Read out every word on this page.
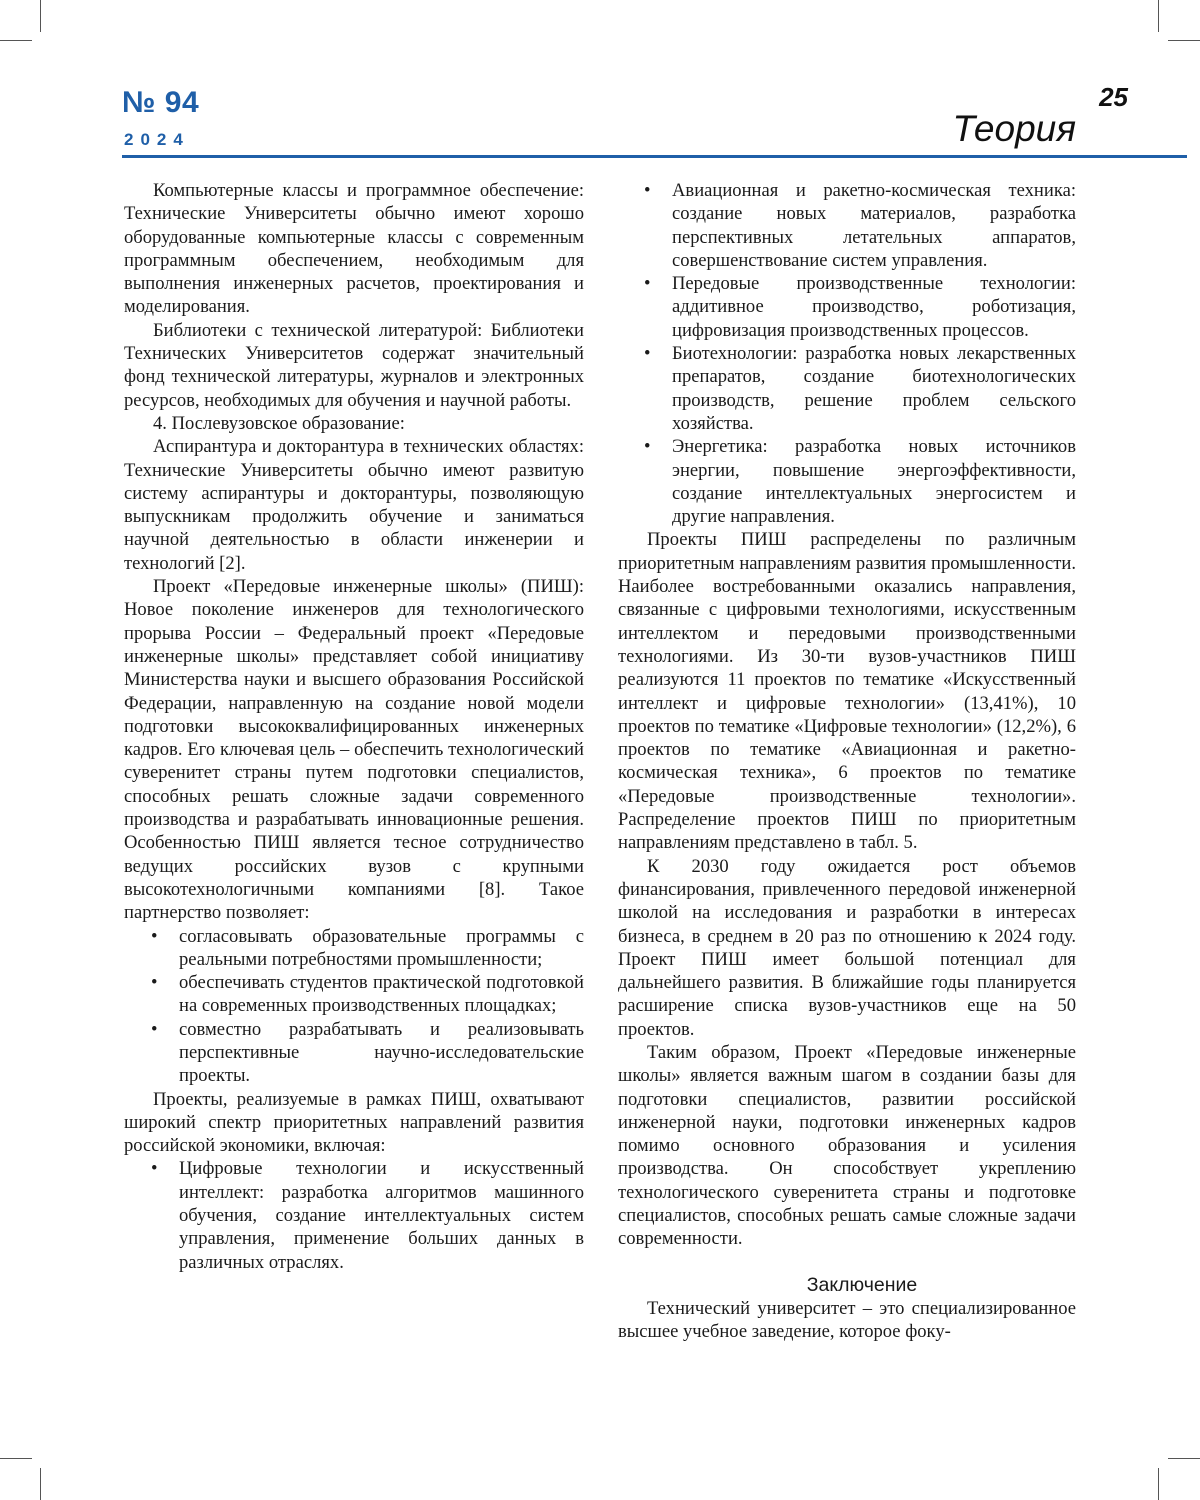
№ 94
2024
25
Теория

Компьютерные классы и программное обеспечение: Технические Университеты обычно имеют хорошо оборудованные компьютерные классы с современным программным обеспечением, необходимым для выполнения инженерных расчетов, проектирования и моделирования.

Библиотеки с технической литературой: Библиотеки Технических Университетов содержат значительный фонд технической литературы, журналов и электронных ресурсов, необходимых для обучения и научной работы.

4. Послевузовское образование:

Аспирантура и докторантура в технических областях: Технические Университеты обычно имеют развитую систему аспирантуры и докторантуры, позволяющую выпускникам продолжить обучение и заниматься научной деятельностью в области инженерии и технологий [2].

Проект «Передовые инженерные школы» (ПИШ): Новое поколение инженеров для технологического прорыва России – Федеральный проект «Передовые инженерные школы» представляет собой инициативу Министерства науки и высшего образования Российской Федерации, направленную на создание новой модели подготовки высококвалифицированных инженерных кадров. Его ключевая цель – обеспечить технологический суверенитет страны путем подготовки специалистов, способных решать сложные задачи современного производства и разрабатывать инновационные решения. Особенностью ПИШ является тесное сотрудничество ведущих российских вузов с крупными высокотехнологичными компаниями [8]. Такое партнерство позволяет:

• согласовывать образовательные программы с реальными потребностями промышленности;
• обеспечивать студентов практической подготовкой на современных производственных площадках;
• совместно разрабатывать и реализовывать перспективные научно-исследовательские проекты.

Проекты, реализуемые в рамках ПИШ, охватывают широкий спектр приоритетных направлений развития российской экономики, включая:

• Цифровые технологии и искусственный интеллект: разработка алгоритмов машинного обучения, создание интеллектуальных систем управления, применение больших данных в различных отраслях.
• Авиационная и ракетно-космическая техника: создание новых материалов, разработка перспективных летательных аппаратов, совершенствование систем управления.
• Передовые производственные технологии: аддитивное производство, роботизация, цифровизация производственных процессов.
• Биотехнологии: разработка новых лекарственных препаратов, создание биотехнологических производств, решение проблем сельского хозяйства.
• Энергетика: разработка новых источников энергии, повышение энергоэффективности, создание интеллектуальных энергосистем и другие направления.

Проекты ПИШ распределены по различным приоритетным направлениям развития промышленности. Наиболее востребованными оказались направления, связанные с цифровыми технологиями, искусственным интеллектом и передовыми производственными технологиями. Из 30-ти вузов-участников ПИШ реализуются 11 проектов по тематике «Искусственный интеллект и цифровые технологии» (13,41%), 10 проектов по тематике «Цифровые технологии» (12,2%), 6 проектов по тематике «Авиационная и ракетно-космическая техника», 6 проектов по тематике «Передовые производственные технологии». Распределение проектов ПИШ по приоритетным направлениям представлено в табл. 5.

К 2030 году ожидается рост объемов финансирования, привлеченного передовой инженерной школой на исследования и разработки в интересах бизнеса, в среднем в 20 раз по отношению к 2024 году. Проект ПИШ имеет большой потенциал для дальнейшего развития. В ближайшие годы планируется расширение списка вузов-участников еще на 50 проектов.

Таким образом, Проект «Передовые инженерные школы» является важным шагом в создании базы для подготовки специалистов, развитии российской инженерной науки, подготовки инженерных кадров помимо основного образования и усиления производства. Он способствует укреплению технологического суверенитета страны и подготовке специалистов, способных решать самые сложные задачи современности.

Заключение

Технический университет – это специализированное высшее учебное заведение, которое фоку-
